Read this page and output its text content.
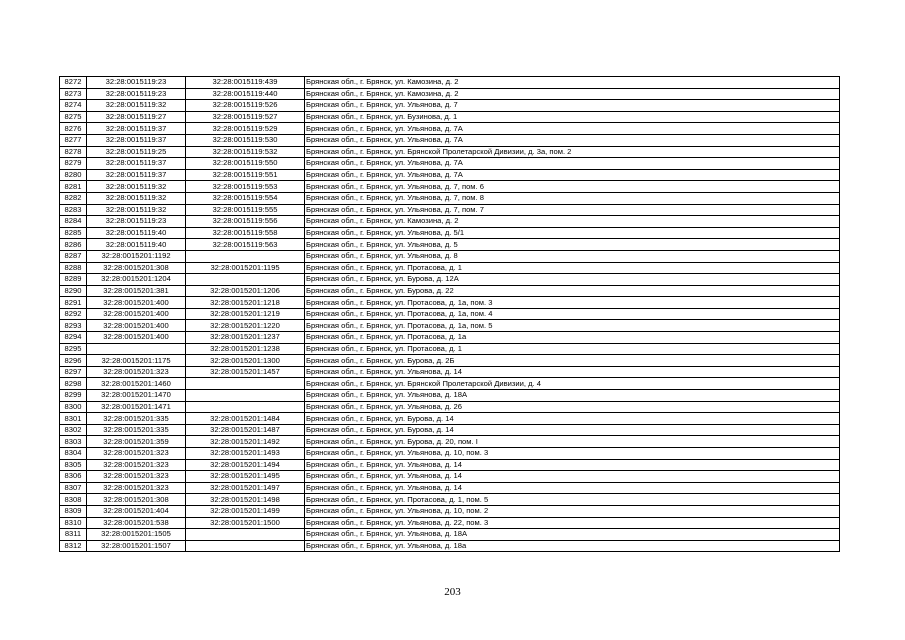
8272	32:28:0015119:23	32:28:0015119:439	Брянская обл., г. Брянск, ул. Камозина, д. 2
8273	32:28:0015119:23	32:28:0015119:440	Брянская обл., г. Брянск, ул. Камозина, д. 2
8274	32:28:0015119:32	32:28:0015119:526	Брянская обл., г. Брянск, ул. Ульянова, д. 7
8275	32:28:0015119:27	32:28:0015119:527	Брянская обл., г. Брянск, ул. Бузинова, д. 1
8276	32:28:0015119:37	32:28:0015119:529	Брянская обл., г. Брянск, ул. Ульянова, д. 7А
8277	32:28:0015119:37	32:28:0015119:530	Брянская обл., г. Брянск, ул. Ульянова, д. 7А
8278	32:28:0015119:25	32:28:0015119:532	Брянская обл., г. Брянск, ул. Брянской Пролетарской Дивизии, д. 3а, пом. 2
8279	32:28:0015119:37	32:28:0015119:550	Брянская обл., г. Брянск, ул. Ульянова, д. 7А
8280	32:28:0015119:37	32:28:0015119:551	Брянская обл., г. Брянск, ул. Ульянова, д. 7А
8281	32:28:0015119:32	32:28:0015119:553	Брянская обл., г. Брянск, ул. Ульянова, д. 7, пом. 6
8282	32:28:0015119:32	32:28:0015119:554	Брянская обл., г. Брянск, ул. Ульянова, д. 7, пом. 8
8283	32:28:0015119:32	32:28:0015119:555	Брянская обл., г. Брянск, ул. Ульянова, д. 7, пом. 7
8284	32:28:0015119:23	32:28:0015119:556	Брянская обл., г. Брянск, ул. Камозина, д. 2
8285	32:28:0015119:40	32:28:0015119:558	Брянская обл., г. Брянск, ул. Ульянова, д. 5/1
8286	32:28:0015119:40	32:28:0015119:563	Брянская обл., г. Брянск, ул. Ульянова, д. 5
8287	32:28:0015201:1192		Брянская обл., г. Брянск, ул. Ульянова, д. 8
8288	32:28:0015201:308	32:28:0015201:1195	Брянская обл., г. Брянск, ул. Протасова, д. 1
8289	32:28:0015201:1204		Брянская обл., г. Брянск, ул. Бурова, д. 12А
8290	32:28:0015201:381	32:28:0015201:1206	Брянская обл., г. Брянск, ул. Бурова, д. 22
8291	32:28:0015201:400	32:28:0015201:1218	Брянская обл., г. Брянск, ул. Протасова, д. 1а, пом. 3
8292	32:28:0015201:400	32:28:0015201:1219	Брянская обл., г. Брянск, ул. Протасова, д. 1а, пом. 4
8293	32:28:0015201:400	32:28:0015201:1220	Брянская обл., г. Брянск, ул. Протасова, д. 1а, пом. 5
8294	32:28:0015201:400	32:28:0015201:1237	Брянская обл., г. Брянск, ул. Протасова, д. 1а
8295		32:28:0015201:1238	Брянская обл., г. Брянск, ул. Протасова, д. 1
8296	32:28:0015201:1175	32:28:0015201:1300	Брянская обл., г. Брянск, ул. Бурова, д. 2Б
8297	32:28:0015201:323	32:28:0015201:1457	Брянская обл., г. Брянск, ул. Ульянова, д. 14
8298	32:28:0015201:1460		Брянская обл., г. Брянск, ул. Брянской Пролетарской Дивизии, д. 4
8299	32:28:0015201:1470		Брянская обл., г. Брянск, ул. Ульянова, д. 18А
8300	32:28:0015201:1471		Брянская обл., г. Брянск, ул. Ульянова, д. 26
8301	32:28:0015201:335	32:28:0015201:1484	Брянская обл., г. Брянск, ул. Бурова, д. 14
8302	32:28:0015201:335	32:28:0015201:1487	Брянская обл., г. Брянск, ул. Бурова, д. 14
8303	32:28:0015201:359	32:28:0015201:1492	Брянская обл., г. Брянск, ул. Бурова, д. 20, пом. I
8304	32:28:0015201:323	32:28:0015201:1493	Брянская обл., г. Брянск, ул. Ульянова, д. 10, пом. 3
8305	32:28:0015201:323	32:28:0015201:1494	Брянская обл., г. Брянск, ул. Ульянова, д. 14
8306	32:28:0015201:323	32:28:0015201:1495	Брянская обл., г. Брянск, ул. Ульянова, д. 14
8307	32:28:0015201:323	32:28:0015201:1497	Брянская обл., г. Брянск, ул. Ульянова, д. 14
8308	32:28:0015201:308	32:28:0015201:1498	Брянская обл., г. Брянск, ул. Протасова, д. 1, пом. 5
8309	32:28:0015201:404	32:28:0015201:1499	Брянская обл., г. Брянск, ул. Ульянова, д. 10, пом. 2
8310	32:28:0015201:538	32:28:0015201:1500	Брянская обл., г. Брянск, ул. Ульянова, д. 22, пом. 3
8311	32:28:0015201:1505		Брянская обл., г. Брянск, ул. Ульянова, д. 18А
8312	32:28:0015201:1507		Брянская обл., г. Брянск, ул. Ульянова, д. 18а
203
